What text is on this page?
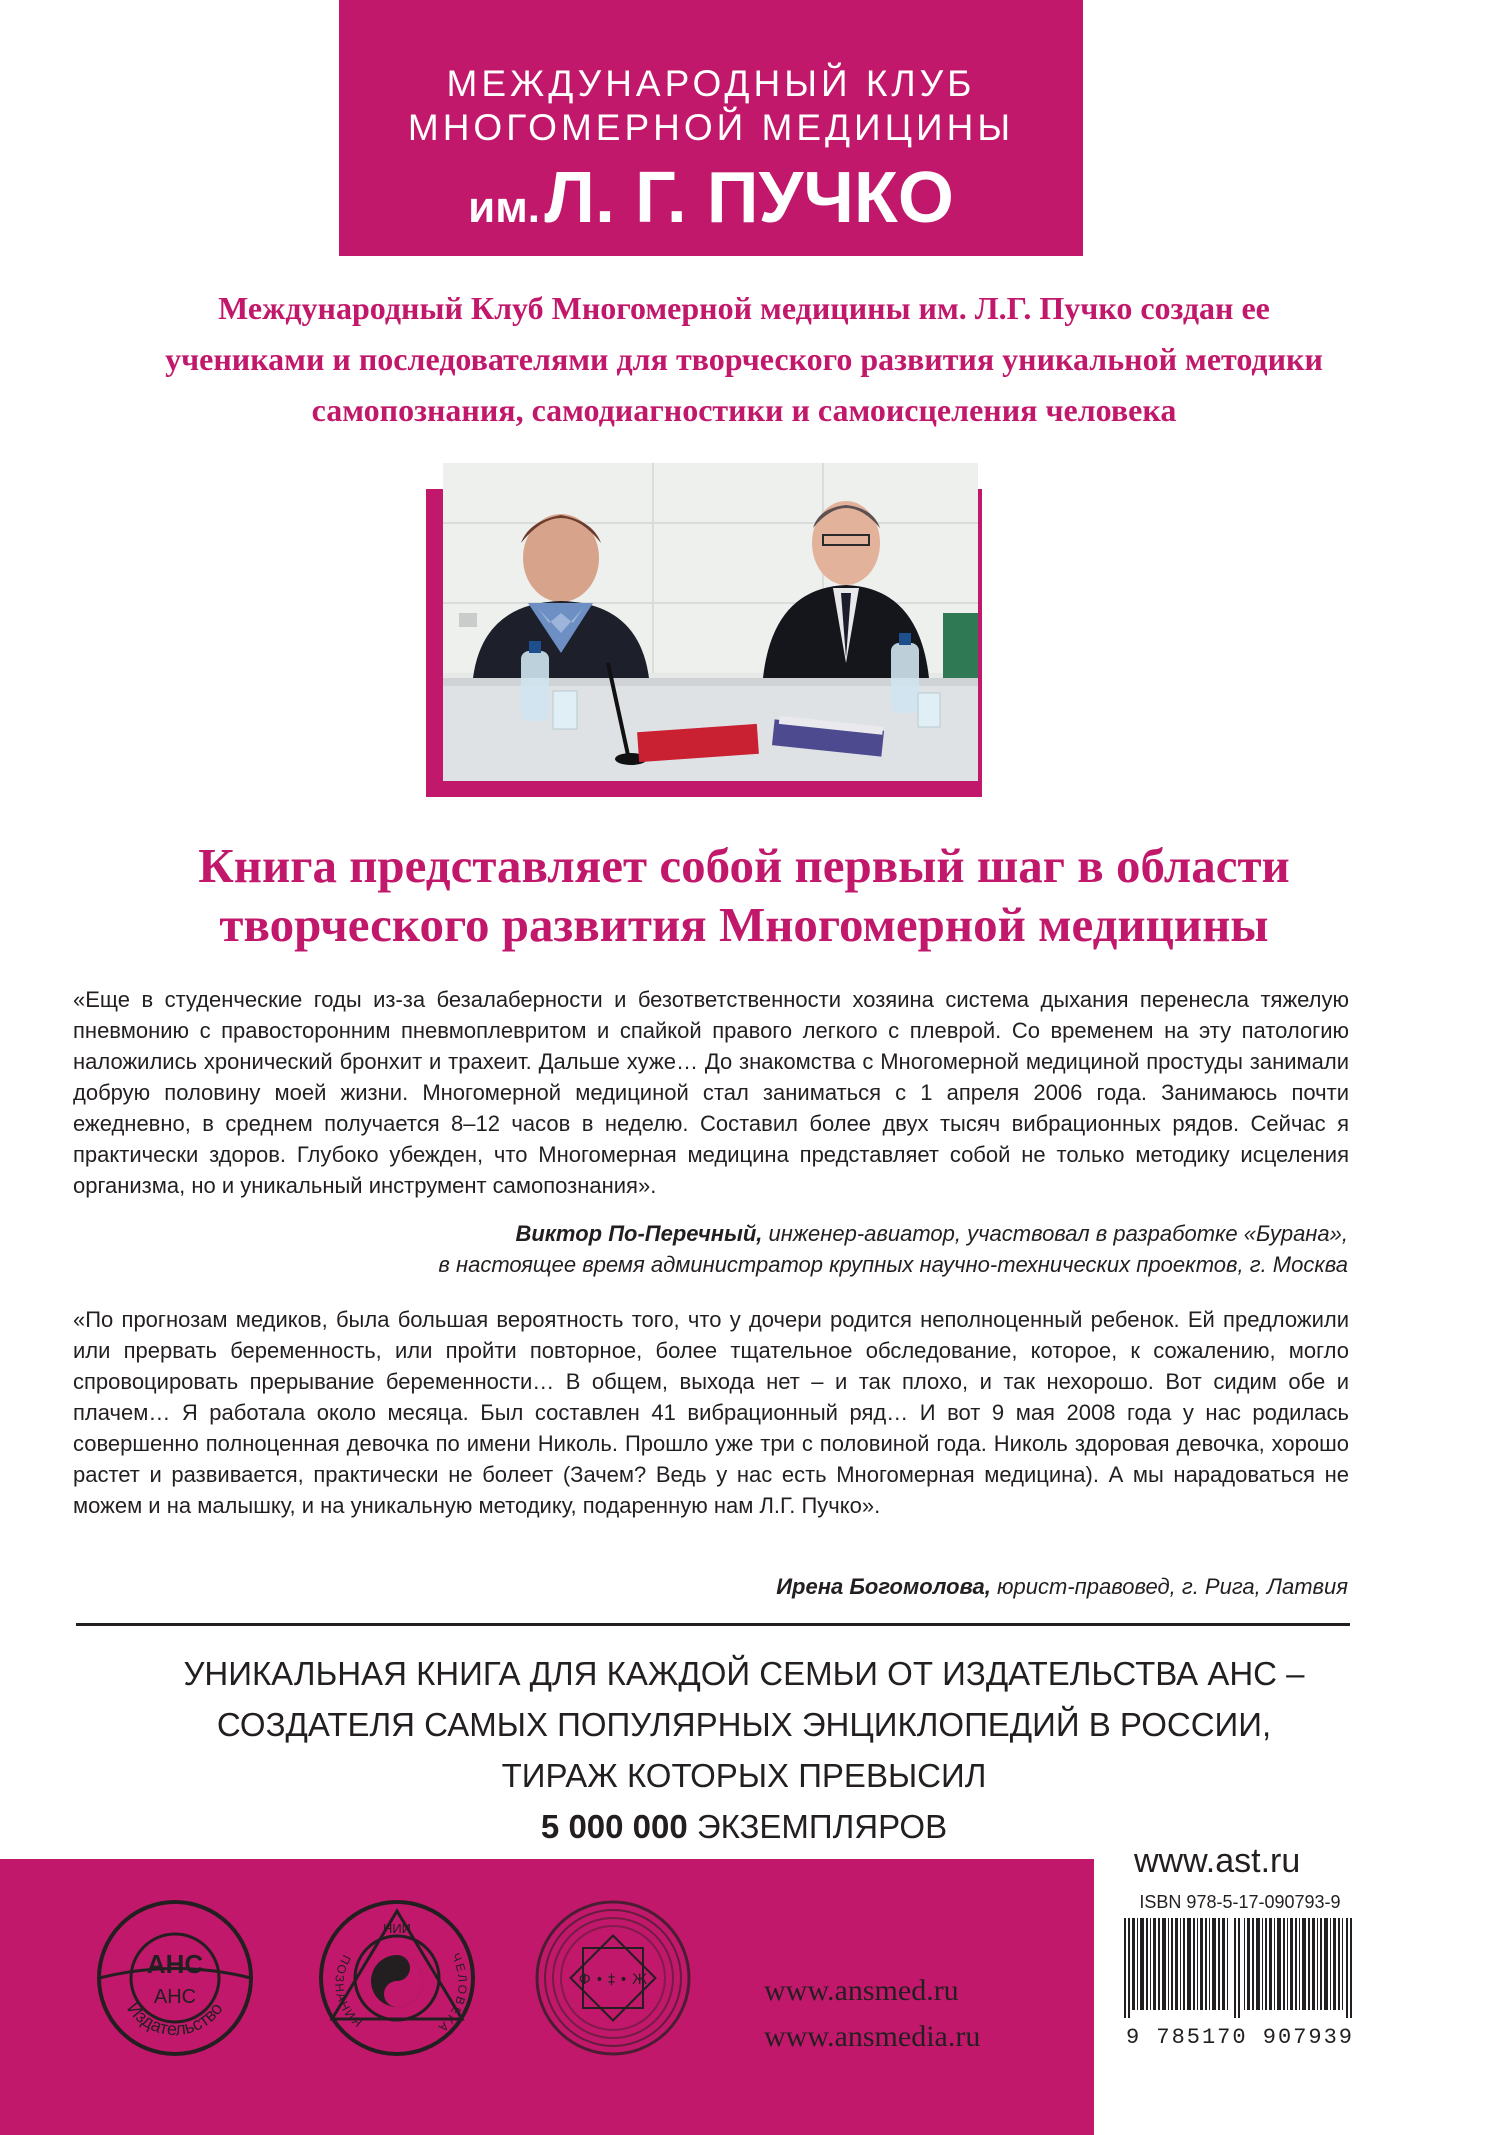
МЕЖДУНАРОДНЫЙ КЛУБ
МНОГОМЕРНОЙ МЕДИЦИНЫ
им. Л. Г. ПУЧКО
Международный Клуб Многомерной медицины им. Л.Г. Пучко создан ее
учениками и последователями для творческого развития уникальной методики
самопознания, самодиагностики и самоисцеления человека
Книга представляет собой первый шаг в области
творческого развития Многомерной медицины
«Еще в студенческие годы из-за безалаберности и безответственности хозяина система дыхания перенесла тяжелую пневмонию с правосторонним пневмоплевритом и спайкой правого легкого с плеврой. Со временем на эту патологию наложились хронический бронхит и трахеит. Дальше хуже… До знакомства с Многомерной медициной простуды занимали добрую половину моей жизни. Многомерной медициной стал заниматься с 1 апреля 2006 года. Занимаюсь почти ежедневно, в среднем получается 8–12 часов в неделю. Составил более двух тысяч вибрационных рядов. Сейчас я практически здоров. Глубоко убежден, что Многомерная медицина представляет собой не только методику исцеления организма, но и уникальный инструмент самопознания».
Виктор По-Перечный, инженер-авиатор, участвовал в разработке «Бурана»,
в настоящее время администратор крупных научно-технических проектов, г. Москва
«По прогнозам медиков, была большая вероятность того, что у дочери родится неполноценный ребенок. Ей предложили или прервать беременность, или пройти повторное, более тщательное обследование, которое, к сожалению, могло спровоцировать прерывание беременности… В общем, выхода нет – и так плохо, и так нехорошо. Вот сидим обе и плачем… Я работала около месяца. Был составлен 41 вибрационный ряд… И вот 9 мая 2008 года у нас родилась совершенно полноценная девочка по имени Николь. Прошло уже три с половиной года. Николь здоровая девочка, хорошо растет и развивается, практически не болеет (Зачем? Ведь у нас есть Многомерная медицина). А мы нарадоваться не можем и на малышку, и на уникальную методику, подаренную нам Л.Г. Пучко».
Ирена Богомолова, юрист-правовед, г. Рига, Латвия
УНИКАЛЬНАЯ КНИГА ДЛЯ КАЖДОЙ СЕМЬИ ОТ ИЗДАТЕЛЬСТВА АНС –
СОЗДАТЕЛЯ САМЫХ ПОПУЛЯРНЫХ ЭНЦИКЛОПЕДИЙ В РОССИИ,
ТИРАЖ КОТОРЫХ ПРЕВЫСИЛ
5 000 000 ЭКЗЕМПЛЯРОВ
АНС
АНС
Издательство
НИИ
ПОЗНАНИЯ
ЧЕЛОВЕКА
Ф • ‡ • Ж	www.ansmed.ru
www.ansmedia.ru
www.ast.ru
ISBN 978-5-17-090793-9
9 785170 907939
